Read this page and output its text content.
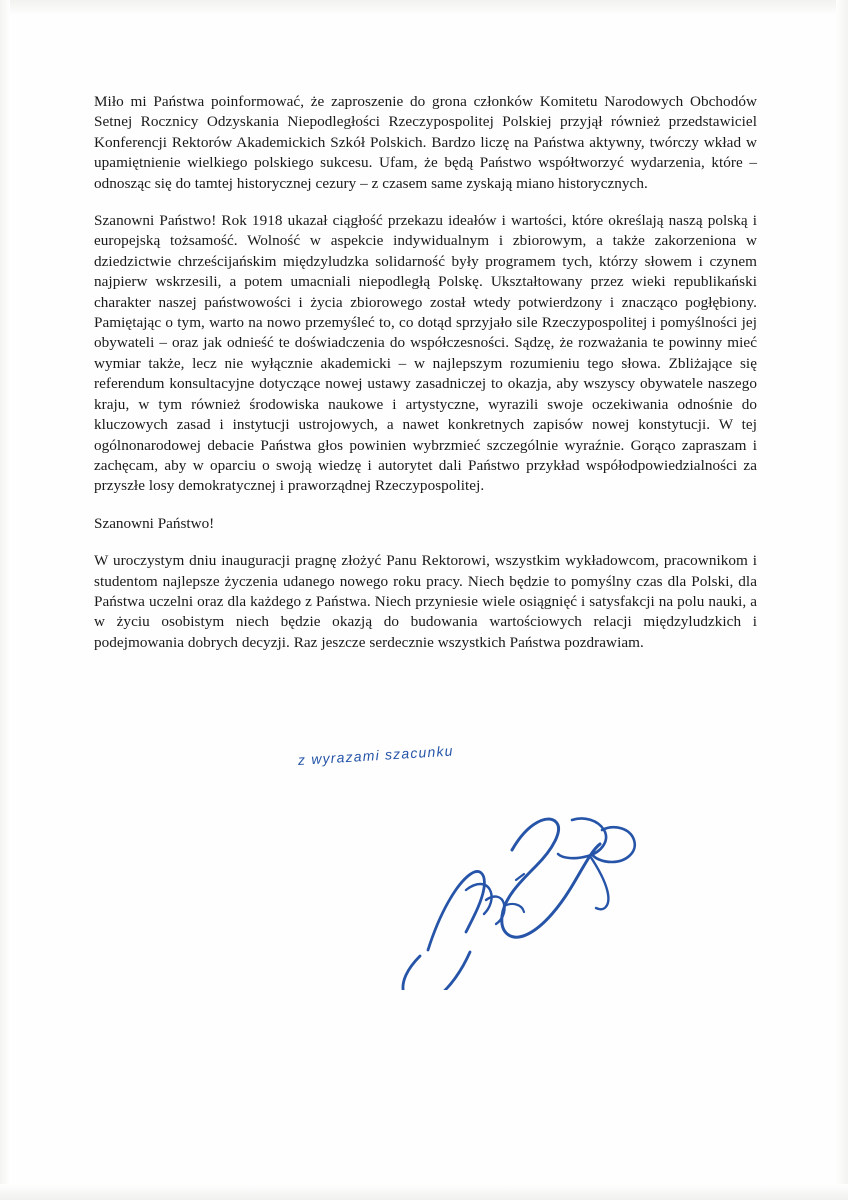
Miło mi Państwa poinformować, że zaproszenie do grona członków Komitetu Narodowych Obchodów Setnej Rocznicy Odzyskania Niepodległości Rzeczypospolitej Polskiej przyjął również przedstawiciel Konferencji Rektorów Akademickich Szkół Polskich. Bardzo liczę na Państwa aktywny, twórczy wkład w upamiętnienie wielkiego polskiego sukcesu. Ufam, że będą Państwo współtworzyć wydarzenia, które – odnosząc się do tamtej historycznej cezury – z czasem same zyskają miano historycznych.

Szanowni Państwo! Rok 1918 ukazał ciągłość przekazu ideałów i wartości, które określają naszą polską i europejską tożsamość. Wolność w aspekcie indywidualnym i zbiorowym, a także zakorzeniona w dziedzictwie chrześcijańskim międzyludzka solidarność były programem tych, którzy słowem i czynem najpierw wskrzesili, a potem umacniali niepodległą Polskę. Ukształtowany przez wieki republikański charakter naszej państwowości i życia zbiorowego został wtedy potwierdzony i znacząco pogłębiony. Pamiętając o tym, warto na nowo przemyśleć to, co dotąd sprzyjało sile Rzeczypospolitej i pomyślności jej obywateli – oraz jak odnieść te doświadczenia do współczesności. Sądzę, że rozważania te powinny mieć wymiar także, lecz nie wyłącznie akademicki – w najlepszym rozumieniu tego słowa. Zbliżające się referendum konsultacyjne dotyczące nowej ustawy zasadniczej to okazja, aby wszyscy obywatele naszego kraju, w tym również środowiska naukowe i artystyczne, wyrazili swoje oczekiwania odnośnie do kluczowych zasad i instytucji ustrojowych, a nawet konkretnych zapisów nowej konstytucji. W tej ogólnonarodowej debacie Państwa głos powinien wybrzmieć szczególnie wyraźnie. Gorąco zapraszam i zachęcam, aby w oparciu o swoją wiedzę i autorytet dali Państwo przykład współodpowiedzialności za przyszłe losy demokratycznej i praworządnej Rzeczypospolitej.

Szanowni Państwo!

W uroczystym dniu inauguracji pragnę złożyć Panu Rektorowi, wszystkim wykładowcom, pracownikom i studentom najlepsze życzenia udanego nowego roku pracy. Niech będzie to pomyślny czas dla Polski, dla Państwa uczelni oraz dla każdego z Państwa. Niech przyniesie wiele osiągnięć i satysfakcji na polu nauki, a w życiu osobistym niech będzie okazją do budowania wartościowych relacji międzyludzkich i podejmowania dobrych decyzji. Raz jeszcze serdecznie wszystkich Państwa pozdrawiam.

z wyrazami szacunku
